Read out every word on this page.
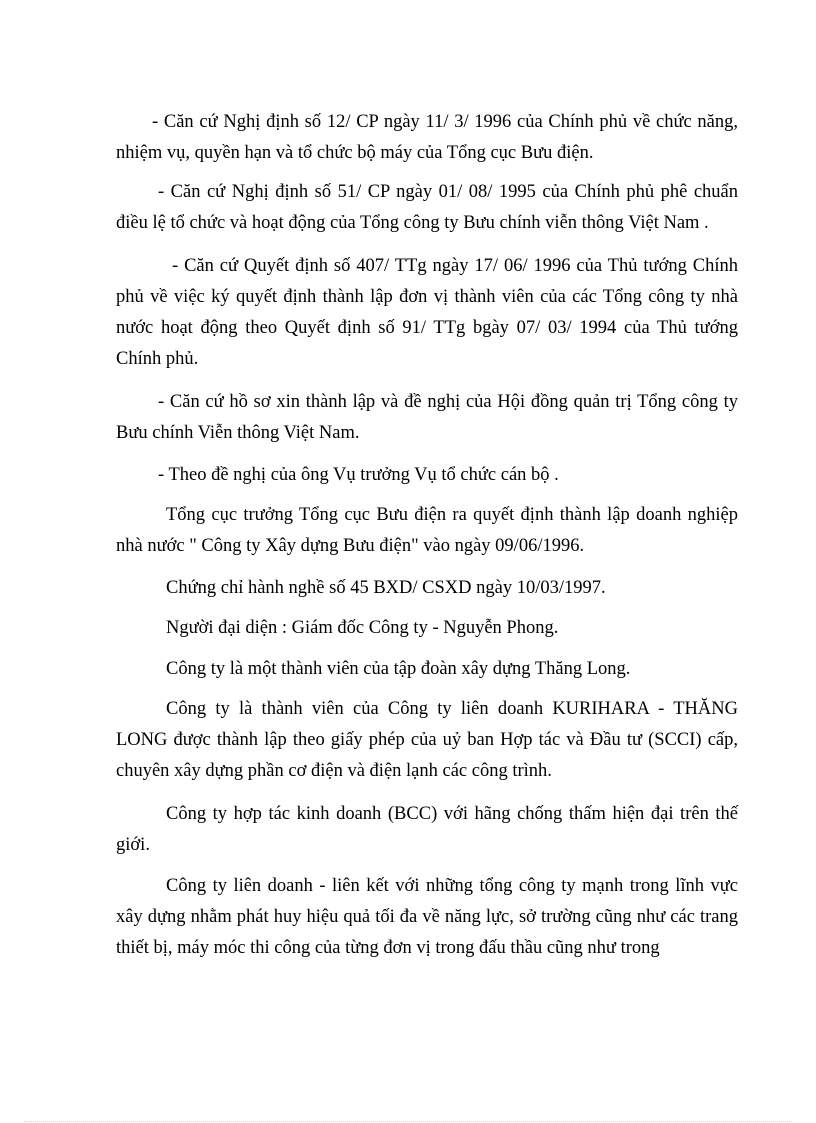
- Căn cứ Nghị định số 12/ CP ngày 11/ 3/ 1996 của Chính phủ về chức năng, nhiệm vụ, quyền hạn và tổ chức bộ máy của Tổng cục Bưu điện.

- Căn cứ Nghị định số 51/ CP ngày 01/ 08/ 1995 của Chính phủ phê chuẩn điều lệ tổ chức và hoạt động của Tổng công ty Bưu chính viễn thông Việt Nam .

- Căn cứ Quyết định số 407/ TTg ngày 17/ 06/ 1996 của Thủ tướng Chính phủ về việc ký quyết định thành lập đơn vị thành viên của các Tổng công ty nhà nước hoạt động theo Quyết định số 91/ TTg bgày 07/ 03/ 1994 của Thủ tướng Chính phủ.

- Căn cứ hồ sơ xin thành lập và đề nghị của Hội đồng quản trị Tổng công ty Bưu chính Viễn thông Việt Nam.

- Theo đề nghị của ông Vụ trưởng Vụ tổ chức cán bộ .

Tổng cục trưởng Tổng cục Bưu điện ra quyết định thành lập doanh nghiệp nhà nước " Công ty Xây dựng Bưu điện" vào ngày 09/06/1996.

Chứng chỉ hành nghề số 45 BXD/ CSXD ngày 10/03/1997.

Người đại diện : Giám đốc Công ty - Nguyễn Phong.

Công ty là một thành viên của tập đoàn xây dựng Thăng Long.

Công ty là thành viên của Công ty liên doanh KURIHARA - THĂNG LONG được thành lập theo giấy phép của uỷ ban Hợp tác và Đầu tư (SCCI) cấp, chuyên xây dựng phần cơ điện và điện lạnh các công trình.

Công ty hợp tác kinh doanh (BCC) với hãng chống thấm hiện đại trên thế giới.

Công ty liên doanh - liên kết với những tổng công ty mạnh trong lĩnh vực xây dựng nhằm phát huy hiệu quả tối đa về năng lực, sở trường cũng như các trang thiết bị, máy móc thi công của từng đơn vị trong đấu thầu cũng như trong
